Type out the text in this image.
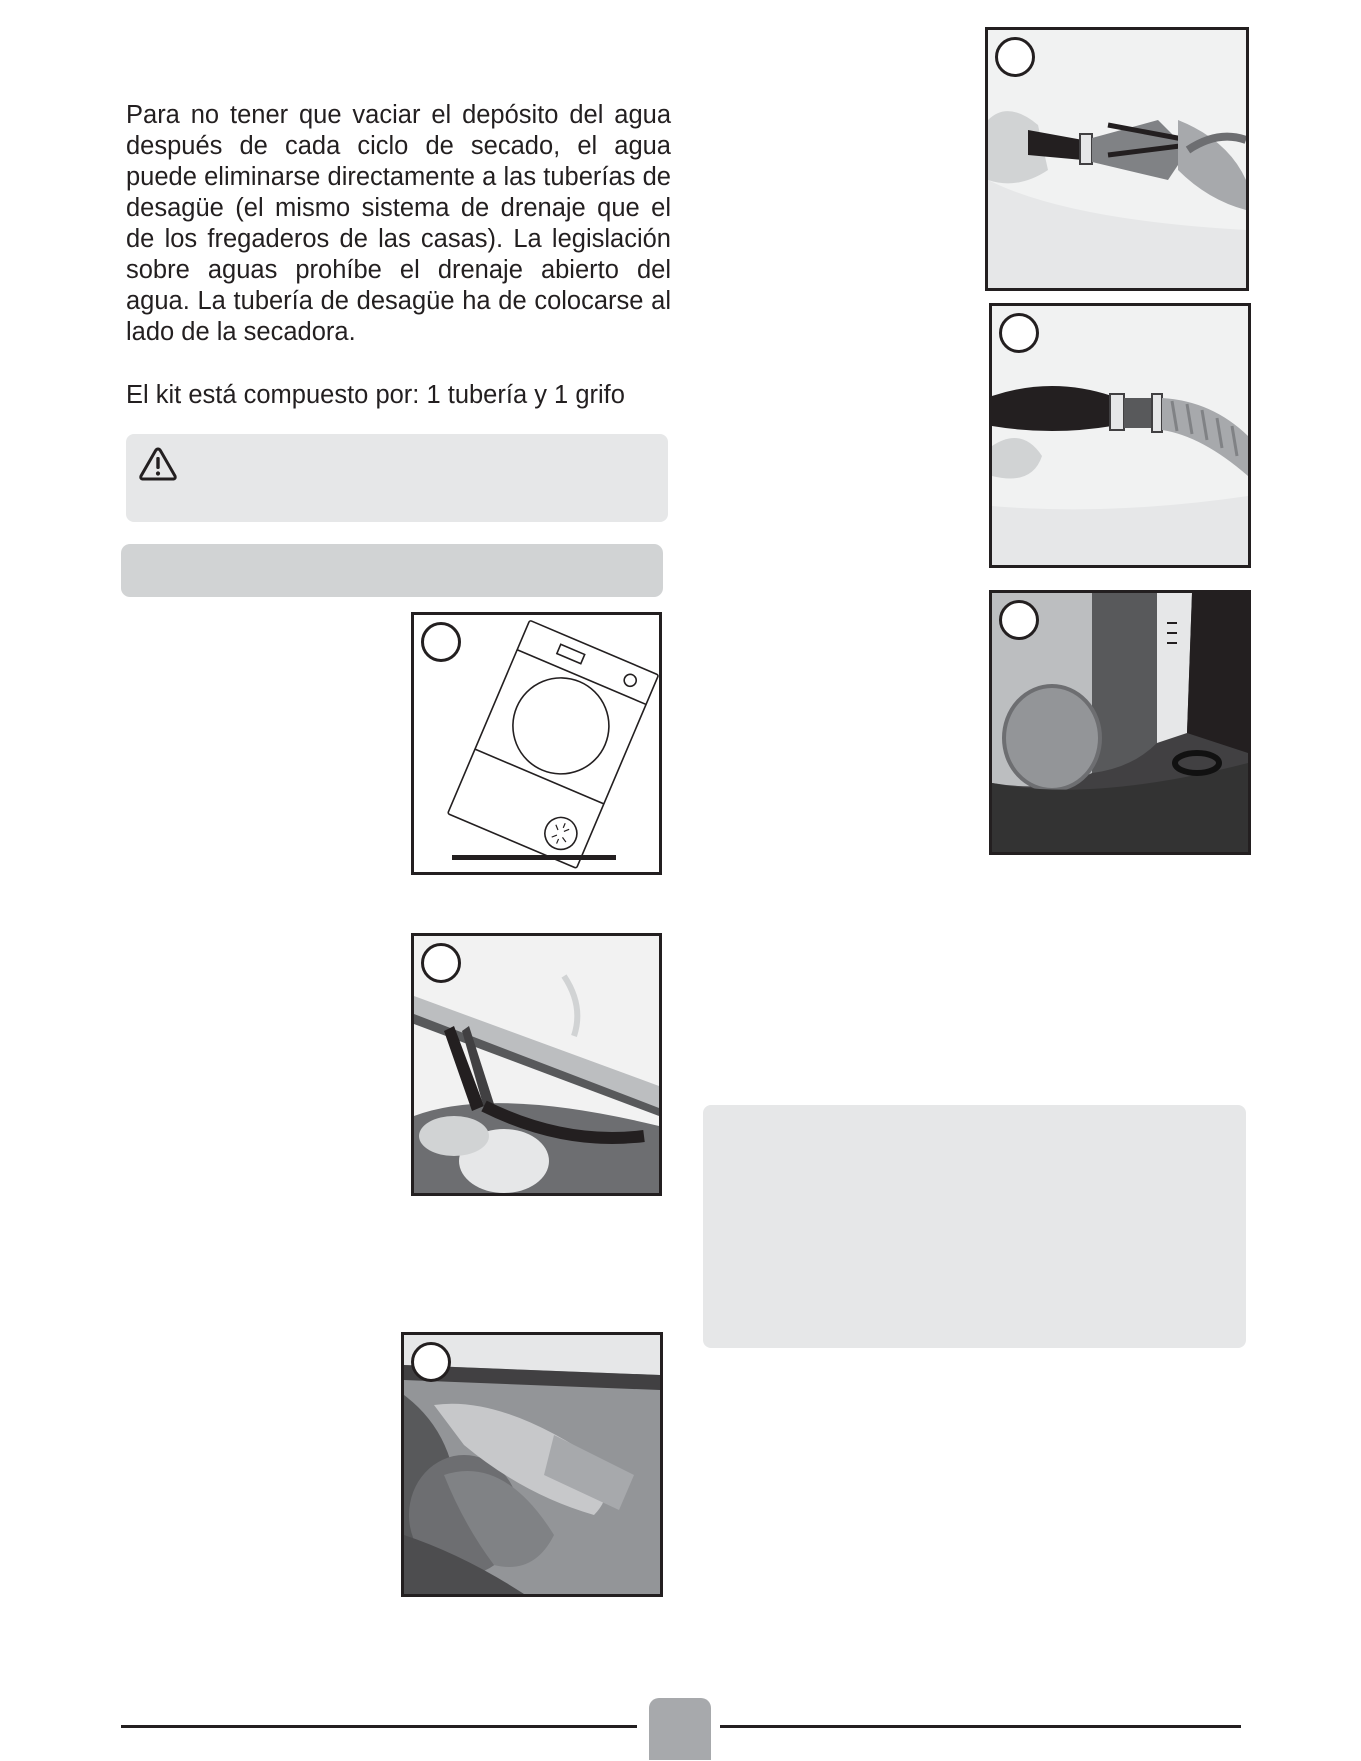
Para no tener que vaciar el depósito del agua después de cada ciclo de secado, el agua puede eliminarse directamente a las tuberías de desagüe (el mismo sistema de drenaje que el de los fregaderos de las casas). La legislación sobre aguas prohíbe el drenaje abierto del agua. La tubería de desagüe ha de colocarse al lado de la secadora.

El kit está compuesto por: 1 tubería y 1 grifo
